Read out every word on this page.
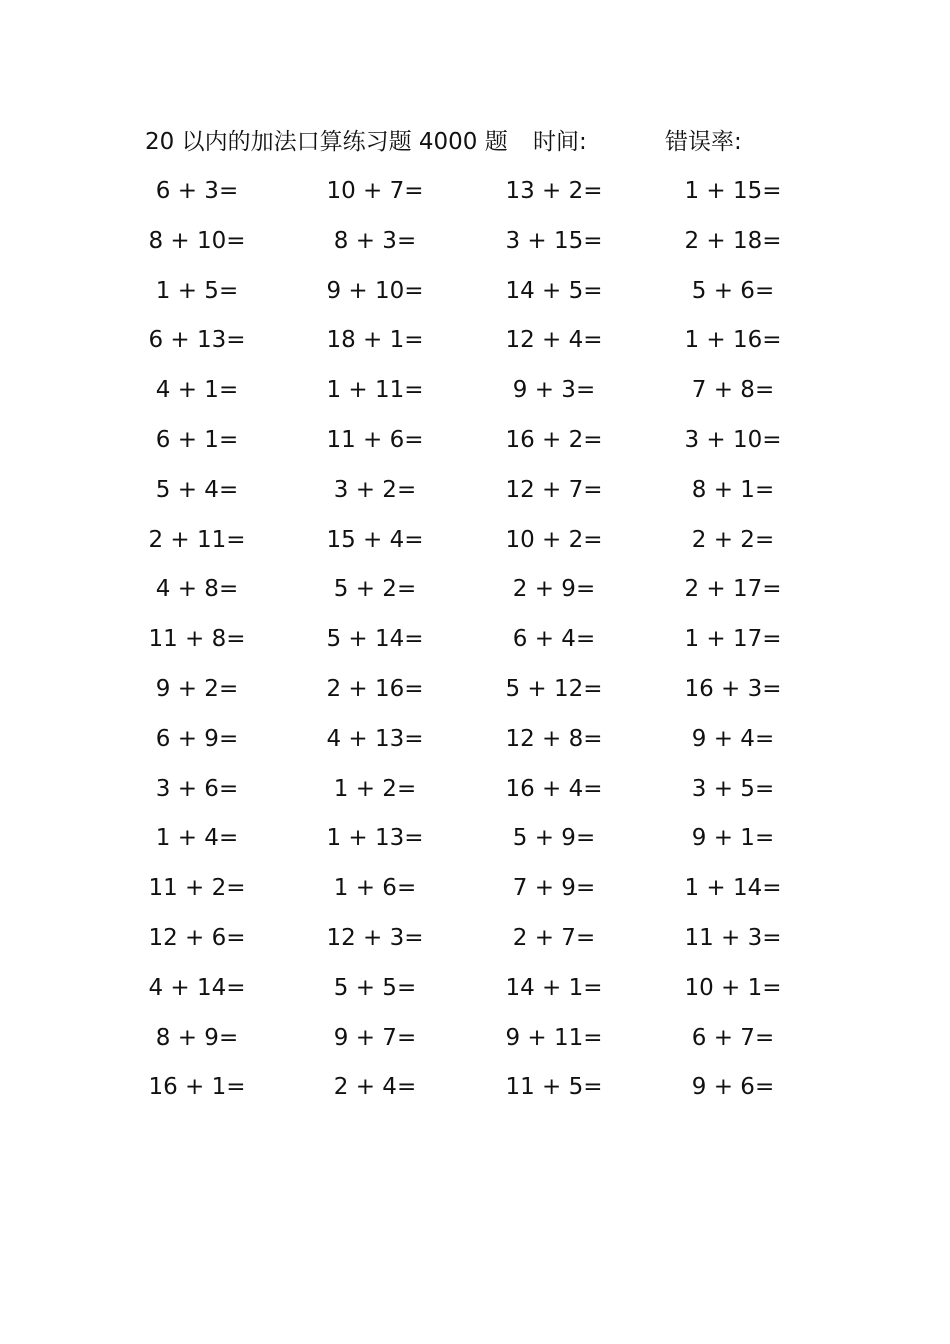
20 以内的加法口算练习题 4000 题 时间:	错误率:
6 + 3=	10 + 7=	13 + 2=	1 + 15=
8 + 10=	8 + 3=	3 + 15=	2 + 18=
1 + 5=	9 + 10=	14 + 5=	5 + 6=
6 + 13=	18 + 1=	12 + 4=	1 + 16=
4 + 1=	1 + 11=	9 + 3=	7 + 8=
6 + 1=	11 + 6=	16 + 2=	3 + 10=
5 + 4=	3 + 2=	12 + 7=	8 + 1=
2 + 11=	15 + 4=	10 + 2=	2 + 2=
4 + 8=	5 + 2=	2 + 9=	2 + 17=
11 + 8=	5 + 14=	6 + 4=	1 + 17=
9 + 2=	2 + 16=	5 + 12=	16 + 3=
6 + 9=	4 + 13=	12 + 8=	9 + 4=
3 + 6=	1 + 2=	16 + 4=	3 + 5=
1 + 4=	1 + 13=	5 + 9=	9 + 1=
11 + 2=	1 + 6=	7 + 9=	1 + 14=
12 + 6=	12 + 3=	2 + 7=	11 + 3=
4 + 14=	5 + 5=	14 + 1=	10 + 1=
8 + 9=	9 + 7=	9 + 11=	6 + 7=
16 + 1=	2 + 4=	11 + 5=	9 + 6=
